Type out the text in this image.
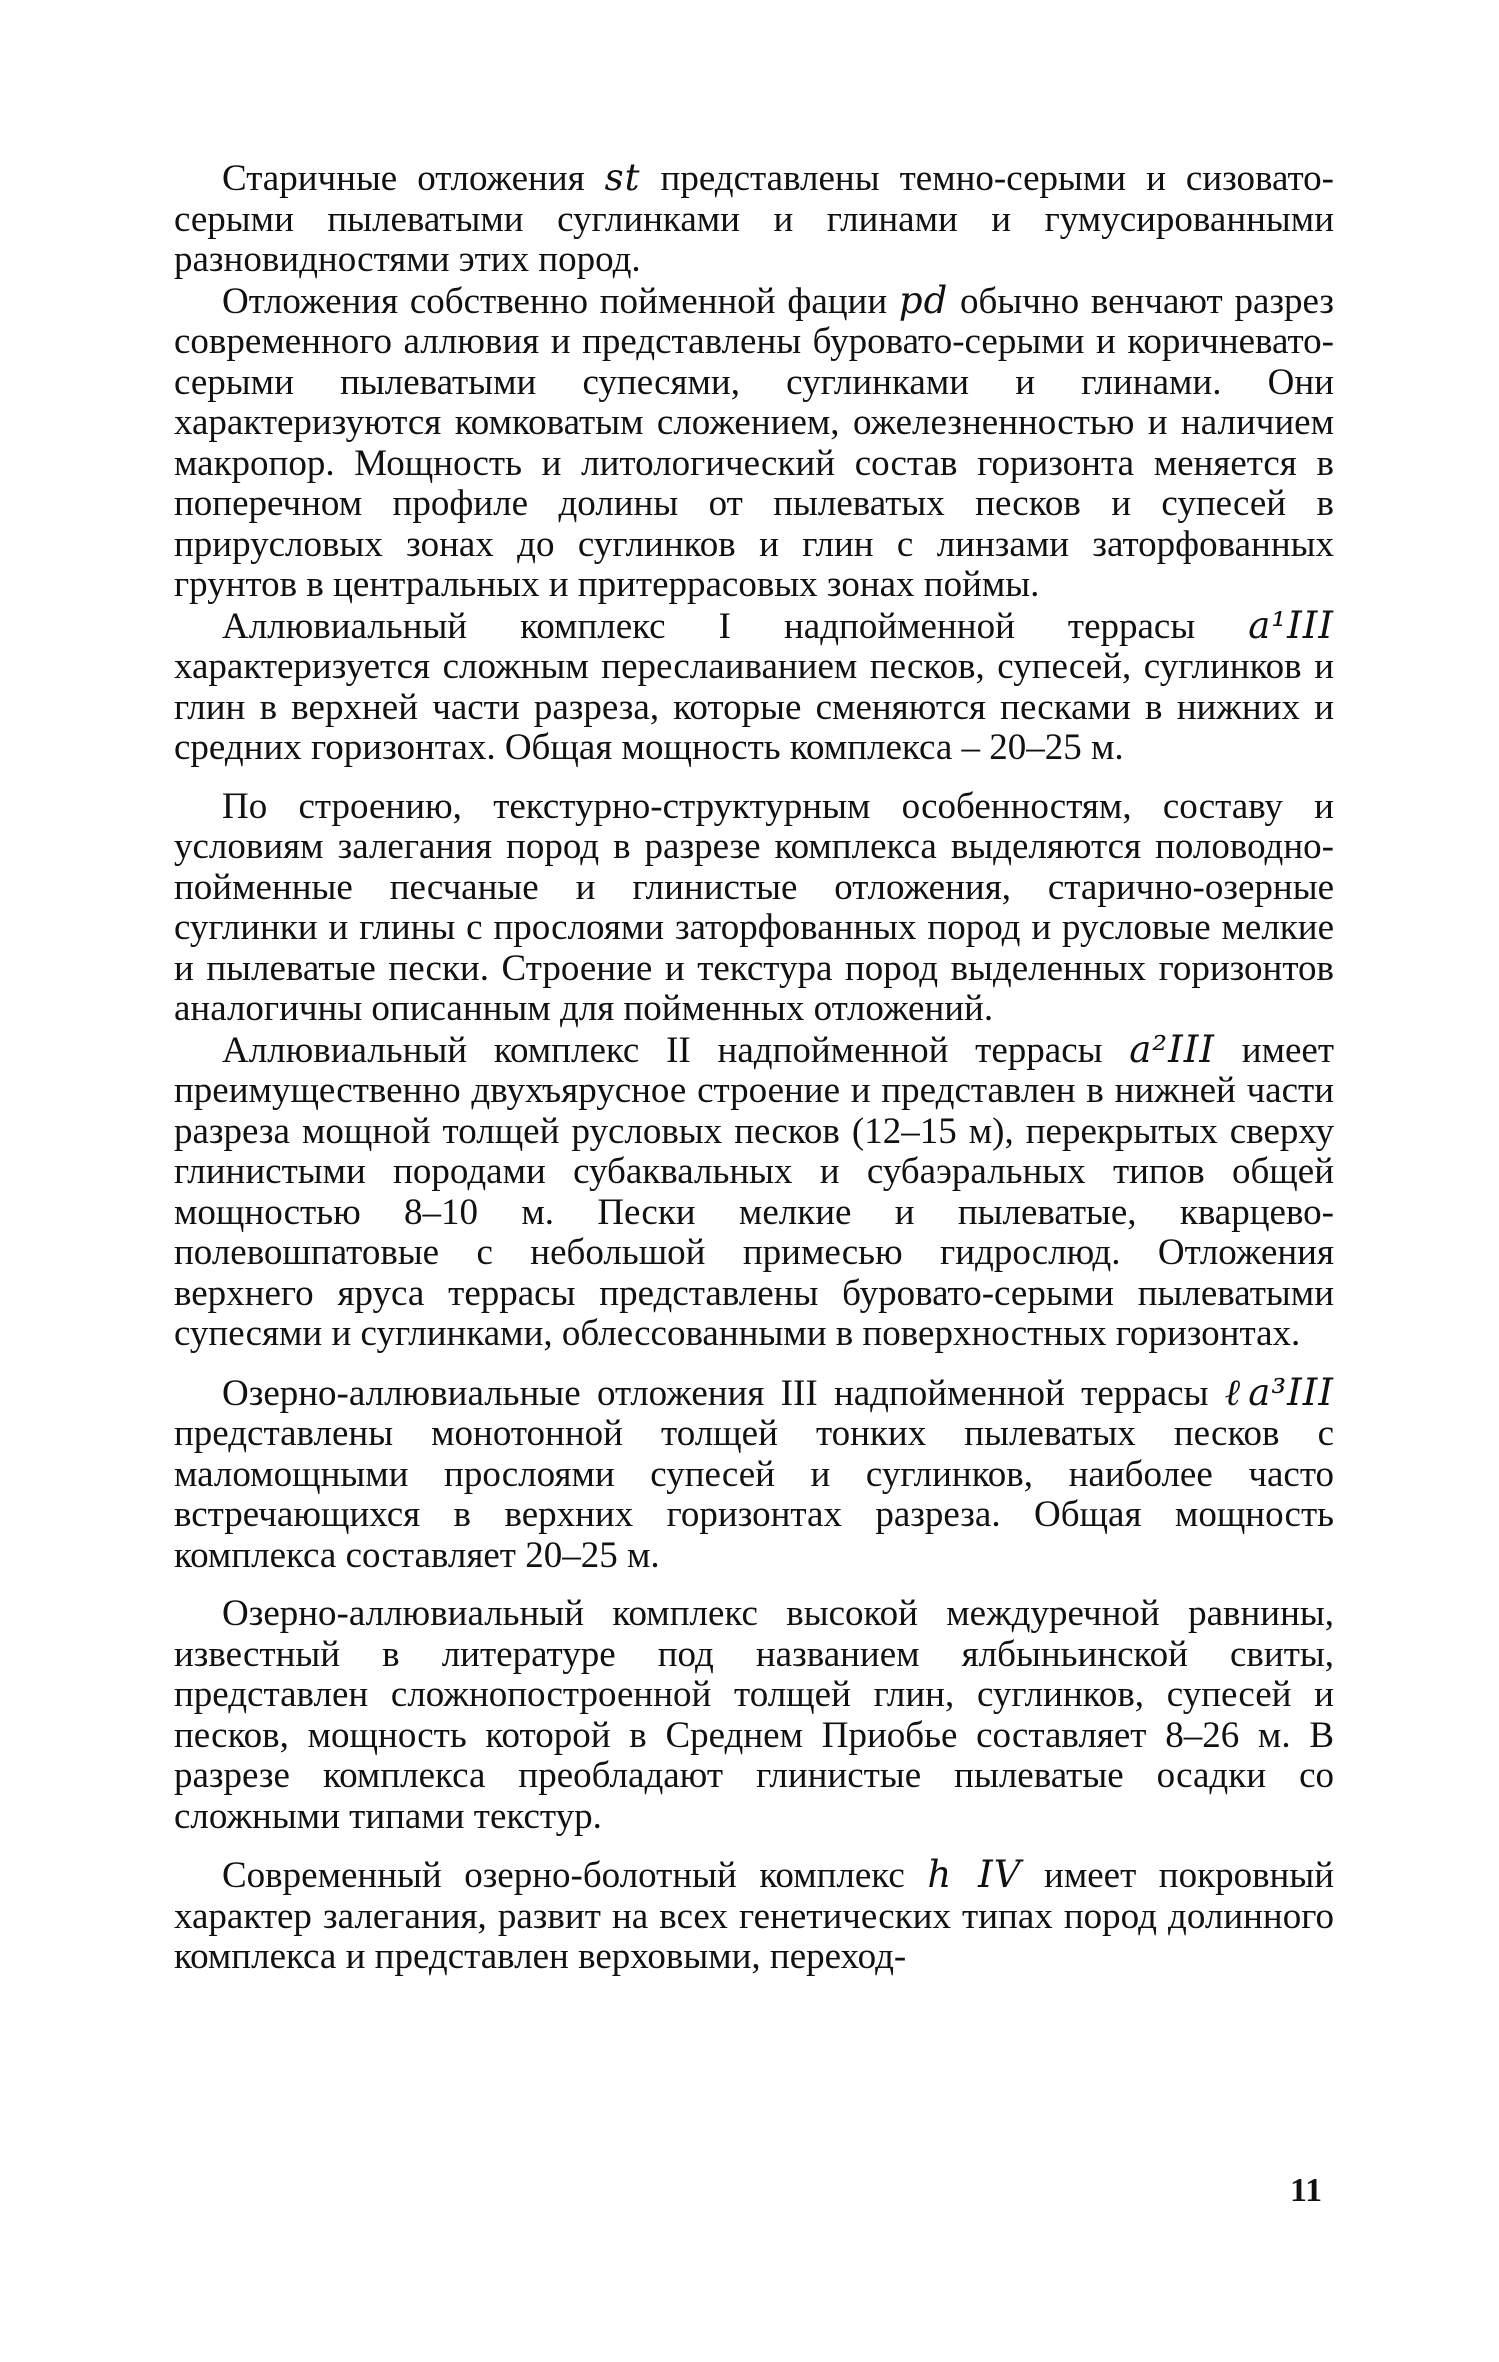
Старичные отложения st представлены темно-серыми и сизовато-серыми пылеватыми суглинками и глинами и гумусированными разновидностями этих пород.

Отложения собственно пойменной фации pd обычно венчают разрез современного аллювия и представлены буровато-серыми и коричневато-серыми пылеватыми супесями, суглинками и глинами. Они характеризуются комковатым сложением, ожелезненностью и наличием макропор. Мощность и литологический состав горизонта меняется в поперечном профиле долины от пылеватых песков и супесей в прирусловых зонах до суглинков и глин с линзами заторфованных грунтов в центральных и притеррасовых зонах поймы.

Аллювиальный комплекс I надпойменной террасы a¹III характеризуется сложным переслаиванием песков, супесей, суглинков и глин в верхней части разреза, которые сменяются песками в нижних и средних горизонтах. Общая мощность комплекса – 20–25 м.

По строению, текстурно-структурным особенностям, составу и условиям залегания пород в разрезе комплекса выделяются половодно-пойменные песчаные и глинистые отложения, старично-озерные суглинки и глины с прослоями заторфованных пород и русловые мелкие и пылеватые пески. Строение и текстура пород выделенных горизонтов аналогичны описанным для пойменных отложений.

Аллювиальный комплекс II надпойменной террасы a²III имеет преимущественно двухъярусное строение и представлен в нижней части разреза мощной толщей русловых песков (12–15 м), перекрытых сверху глинистыми породами субаквальных и субаэральных типов общей мощностью 8–10 м. Пески мелкие и пылеватые, кварцево-полевошпатовые с небольшой примесью гидрослюд. Отложения верхнего яруса террасы представлены буровато-серыми пылеватыми супесями и суглинками, облессованными в поверхностных горизонтах.

Озерно-аллювиальные отложения III надпойменной террасы ℓa³III представлены монотонной толщей тонких пылеватых песков с маломощными прослоями супесей и суглинков, наиболее часто встречающихся в верхних горизонтах разреза. Общая мощность комплекса составляет 20–25 м.

Озерно-аллювиальный комплекс высокой междуречной равнины, известный в литературе под названием ялбыньинской свиты, представлен сложнопостроенной толщей глин, суглинков, супесей и песков, мощность которой в Среднем Приобье составляет 8–26 м. В разрезе комплекса преобладают глинистые пылеватые осадки со сложными типами текстур.

Современный озерно-болотный комплекс h IV имеет покровный характер залегания, развит на всех генетических типах пород долинного комплекса и представлен верховыми, переход-

11
